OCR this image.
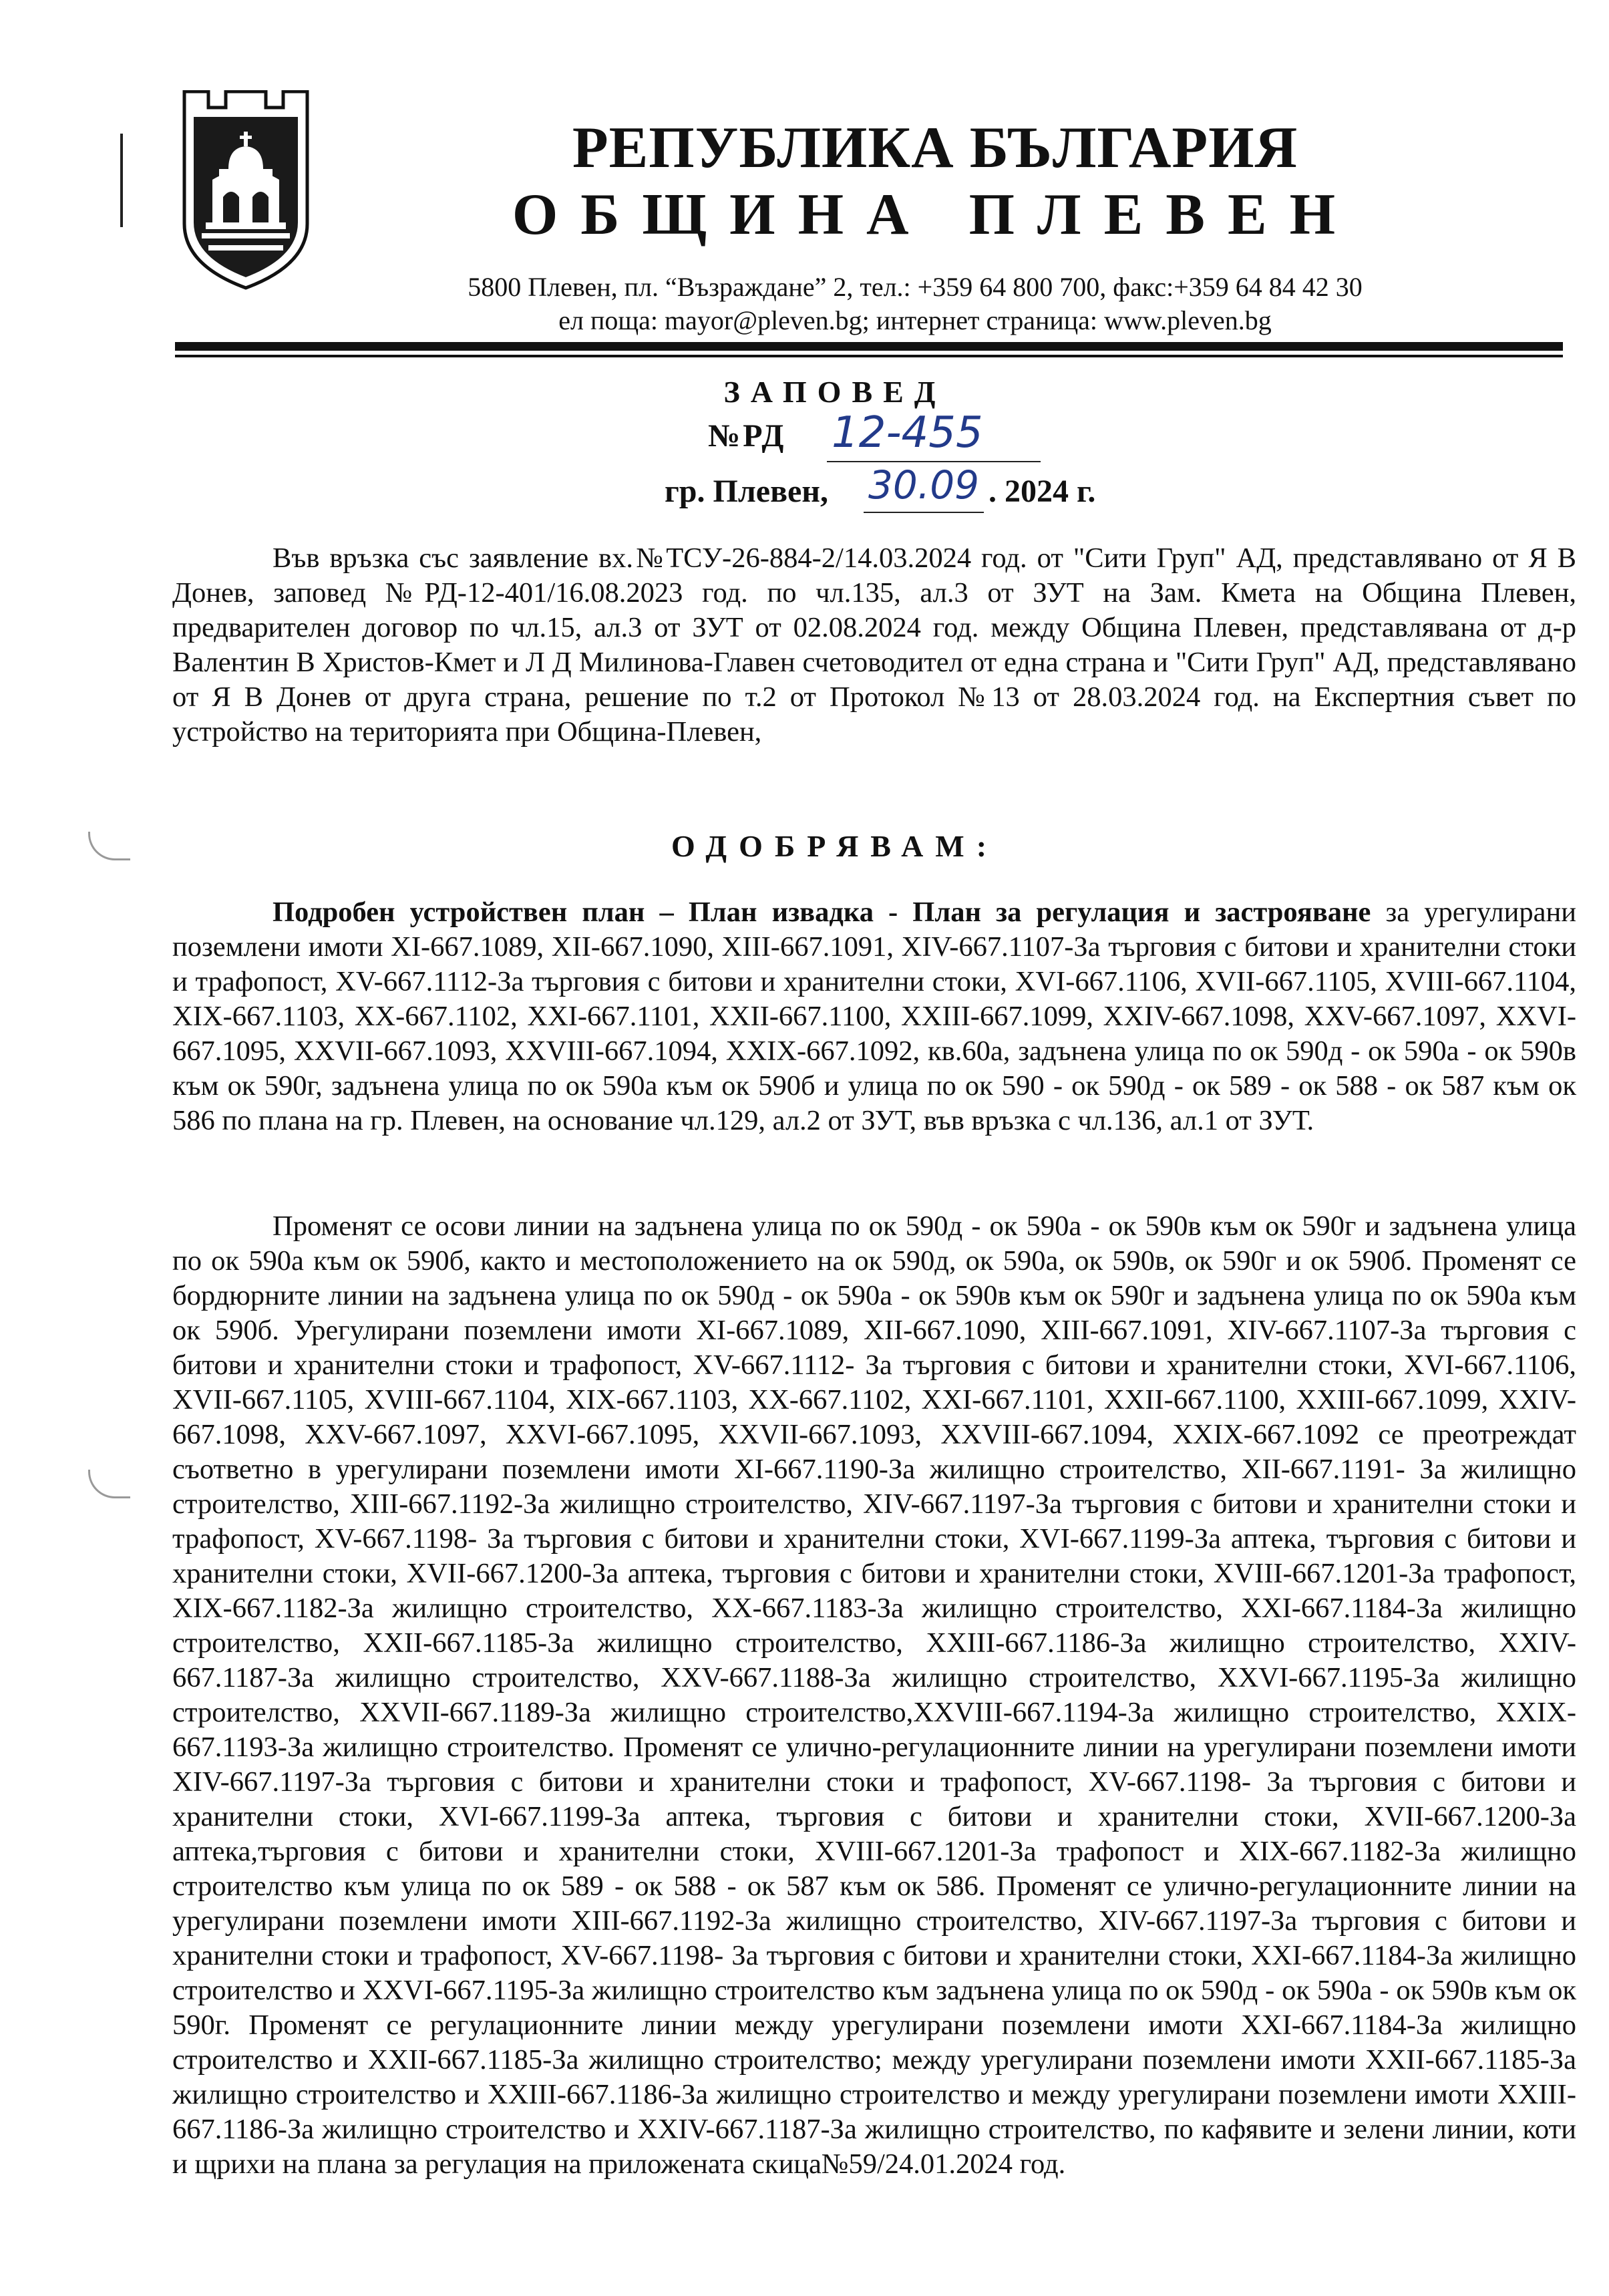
РЕПУБЛИКА БЪЛГАРИЯ
ОБЩИНА ПЛЕВЕН
5800 Плевен, пл. “Възраждане” 2, тел.: +359 64 800 700, факс:+359 64 84 42 30
ел поща: mayor@pleven.bg; интернет страница: www.pleven.bg
ЗАПОВЕД
№РД 12-455
гр. Плевен, 30.09 . 2024 г.
Във връзка със заявление вх.№ТСУ-26-884-2/14.03.2024 год. от "Сити Груп" АД, представлявано от Я В Донев, заповед №РД-12-401/16.08.2023 год. по чл.135, ал.3 от ЗУТ на Зам. Кмета на Община Плевен, предварителен договор по чл.15, ал.3 от ЗУТ от 02.08.2024 год. между Община Плевен, представлявана от д-р Валентин В Христов-Кмет и Л Д Милинова-Главен счетоводител от една страна и "Сити Груп" АД, представлявано от Я В Донев от друга страна, решение по т.2 от Протокол №13 от 28.03.2024 год. на Експертния съвет по устройство на територията при Община-Плевен,
ОДОБРЯВАМ:
Подробен устройствен план – План извадка - План за регулация и застрояване за урегулирани поземлени имоти XI-667.1089, XII-667.1090, XIII-667.1091, XIV-667.1107-За търговия с битови и хранителни стоки и трафопост, XV-667.1112-За търговия с битови и хранителни стоки, XVI-667.1106, XVII-667.1105, XVIII-667.1104, XIX-667.1103, XX-667.1102, XXI-667.1101, XXII-667.1100, XXIII-667.1099, XXIV-667.1098, XXV-667.1097, XXVI-667.1095, XXVII-667.1093, XXVIII-667.1094, XXIX-667.1092, кв.60а, задънена улица по ок 590д - ок 590а - ок 590в към ок 590г, задънена улица по ок 590а към ок 590б и улица по ок 590 - ок 590д - ок 589 - ок 588 - ок 587 към ок 586 по плана на гр. Плевен, на основание чл.129, ал.2 от ЗУТ, във връзка с чл.136, ал.1 от ЗУТ.
Променят се осови линии на задънена улица по ок 590д - ок 590а - ок 590в към ок 590г и задънена улица по ок 590а към ок 590б, както и местоположението на ок 590д, ок 590а, ок 590в, ок 590г и ок 590б. Променят се бордюрните линии на задънена улица по ок 590д - ок 590а - ок 590в към ок 590г и задънена улица по ок 590а към ок 590б. Урегулирани поземлени имоти XI-667.1089, XII-667.1090, XIII-667.1091, XIV-667.1107-За търговия с битови и хранителни стоки и трафопост, XV-667.1112- За търговия с битови и хранителни стоки, XVI-667.1106, XVII-667.1105, XVIII-667.1104, XIX-667.1103, XX-667.1102, XXI-667.1101, XXII-667.1100, XXIII-667.1099, XXIV-667.1098, XXV-667.1097, XXVI-667.1095, XXVII-667.1093, XXVIII-667.1094, XXIX-667.1092 се преотреждат съответно в урегулирани поземлени имоти XI-667.1190-За жилищно строителство, XII-667.1191- За жилищно строителство, XIII-667.1192-За жилищно строителство, XIV-667.1197-За търговия с битови и хранителни стоки и трафопост, XV-667.1198- За търговия с битови и хранителни стоки, XVI-667.1199-За аптека, търговия с битови и хранителни стоки, XVII-667.1200-За аптека, търговия с битови и хранителни стоки, XVIII-667.1201-За трафопост, XIX-667.1182-За жилищно строителство, XX-667.1183-За жилищно строителство, XXI-667.1184-За жилищно строителство, XXII-667.1185-За жилищно строителство, XXIII-667.1186-За жилищно строителство, XXIV-667.1187-За жилищно строителство, XXV-667.1188-За жилищно строителство, XXVI-667.1195-За жилищно строителство, XXVII-667.1189-За жилищно строителство,XXVIII-667.1194-За жилищно строителство, XXIX-667.1193-За жилищно строителство. Променят се улично-регулационните линии на урегулирани поземлени имоти XIV-667.1197-За търговия с битови и хранителни стоки и трафопост, XV-667.1198- За търговия с битови и хранителни стоки, XVI-667.1199-За аптека, търговия с битови и хранителни стоки, XVII-667.1200-За аптека,търговия с битови и хранителни стоки, XVIII-667.1201-За трафопост и XIX-667.1182-За жилищно строителство към улица по ок 589 - ок 588 - ок 587 към ок 586. Променят се улично-регулационните линии на урегулирани поземлени имоти XIII-667.1192-За жилищно строителство, XIV-667.1197-За търговия с битови и хранителни стоки и трафопост, XV-667.1198- За търговия с битови и хранителни стоки, XXI-667.1184-За жилищно строителство и XXVI-667.1195-За жилищно строителство към задънена улица по ок 590д - ок 590а - ок 590в към ок 590г. Променят се регулационните линии между урегулирани поземлени имоти XXI-667.1184-За жилищно строителство и XXII-667.1185-За жилищно строителство; между урегулирани поземлени имоти XXII-667.1185-За жилищно строителство и XXIII-667.1186-За жилищно строителство и между урегулирани поземлени имоти XXIII-667.1186-За жилищно строителство и XXIV-667.1187-За жилищно строителство, по кафявите и зелени линии, коти и щрихи на плана за регулация на приложената скица№59/24.01.2024 год.
